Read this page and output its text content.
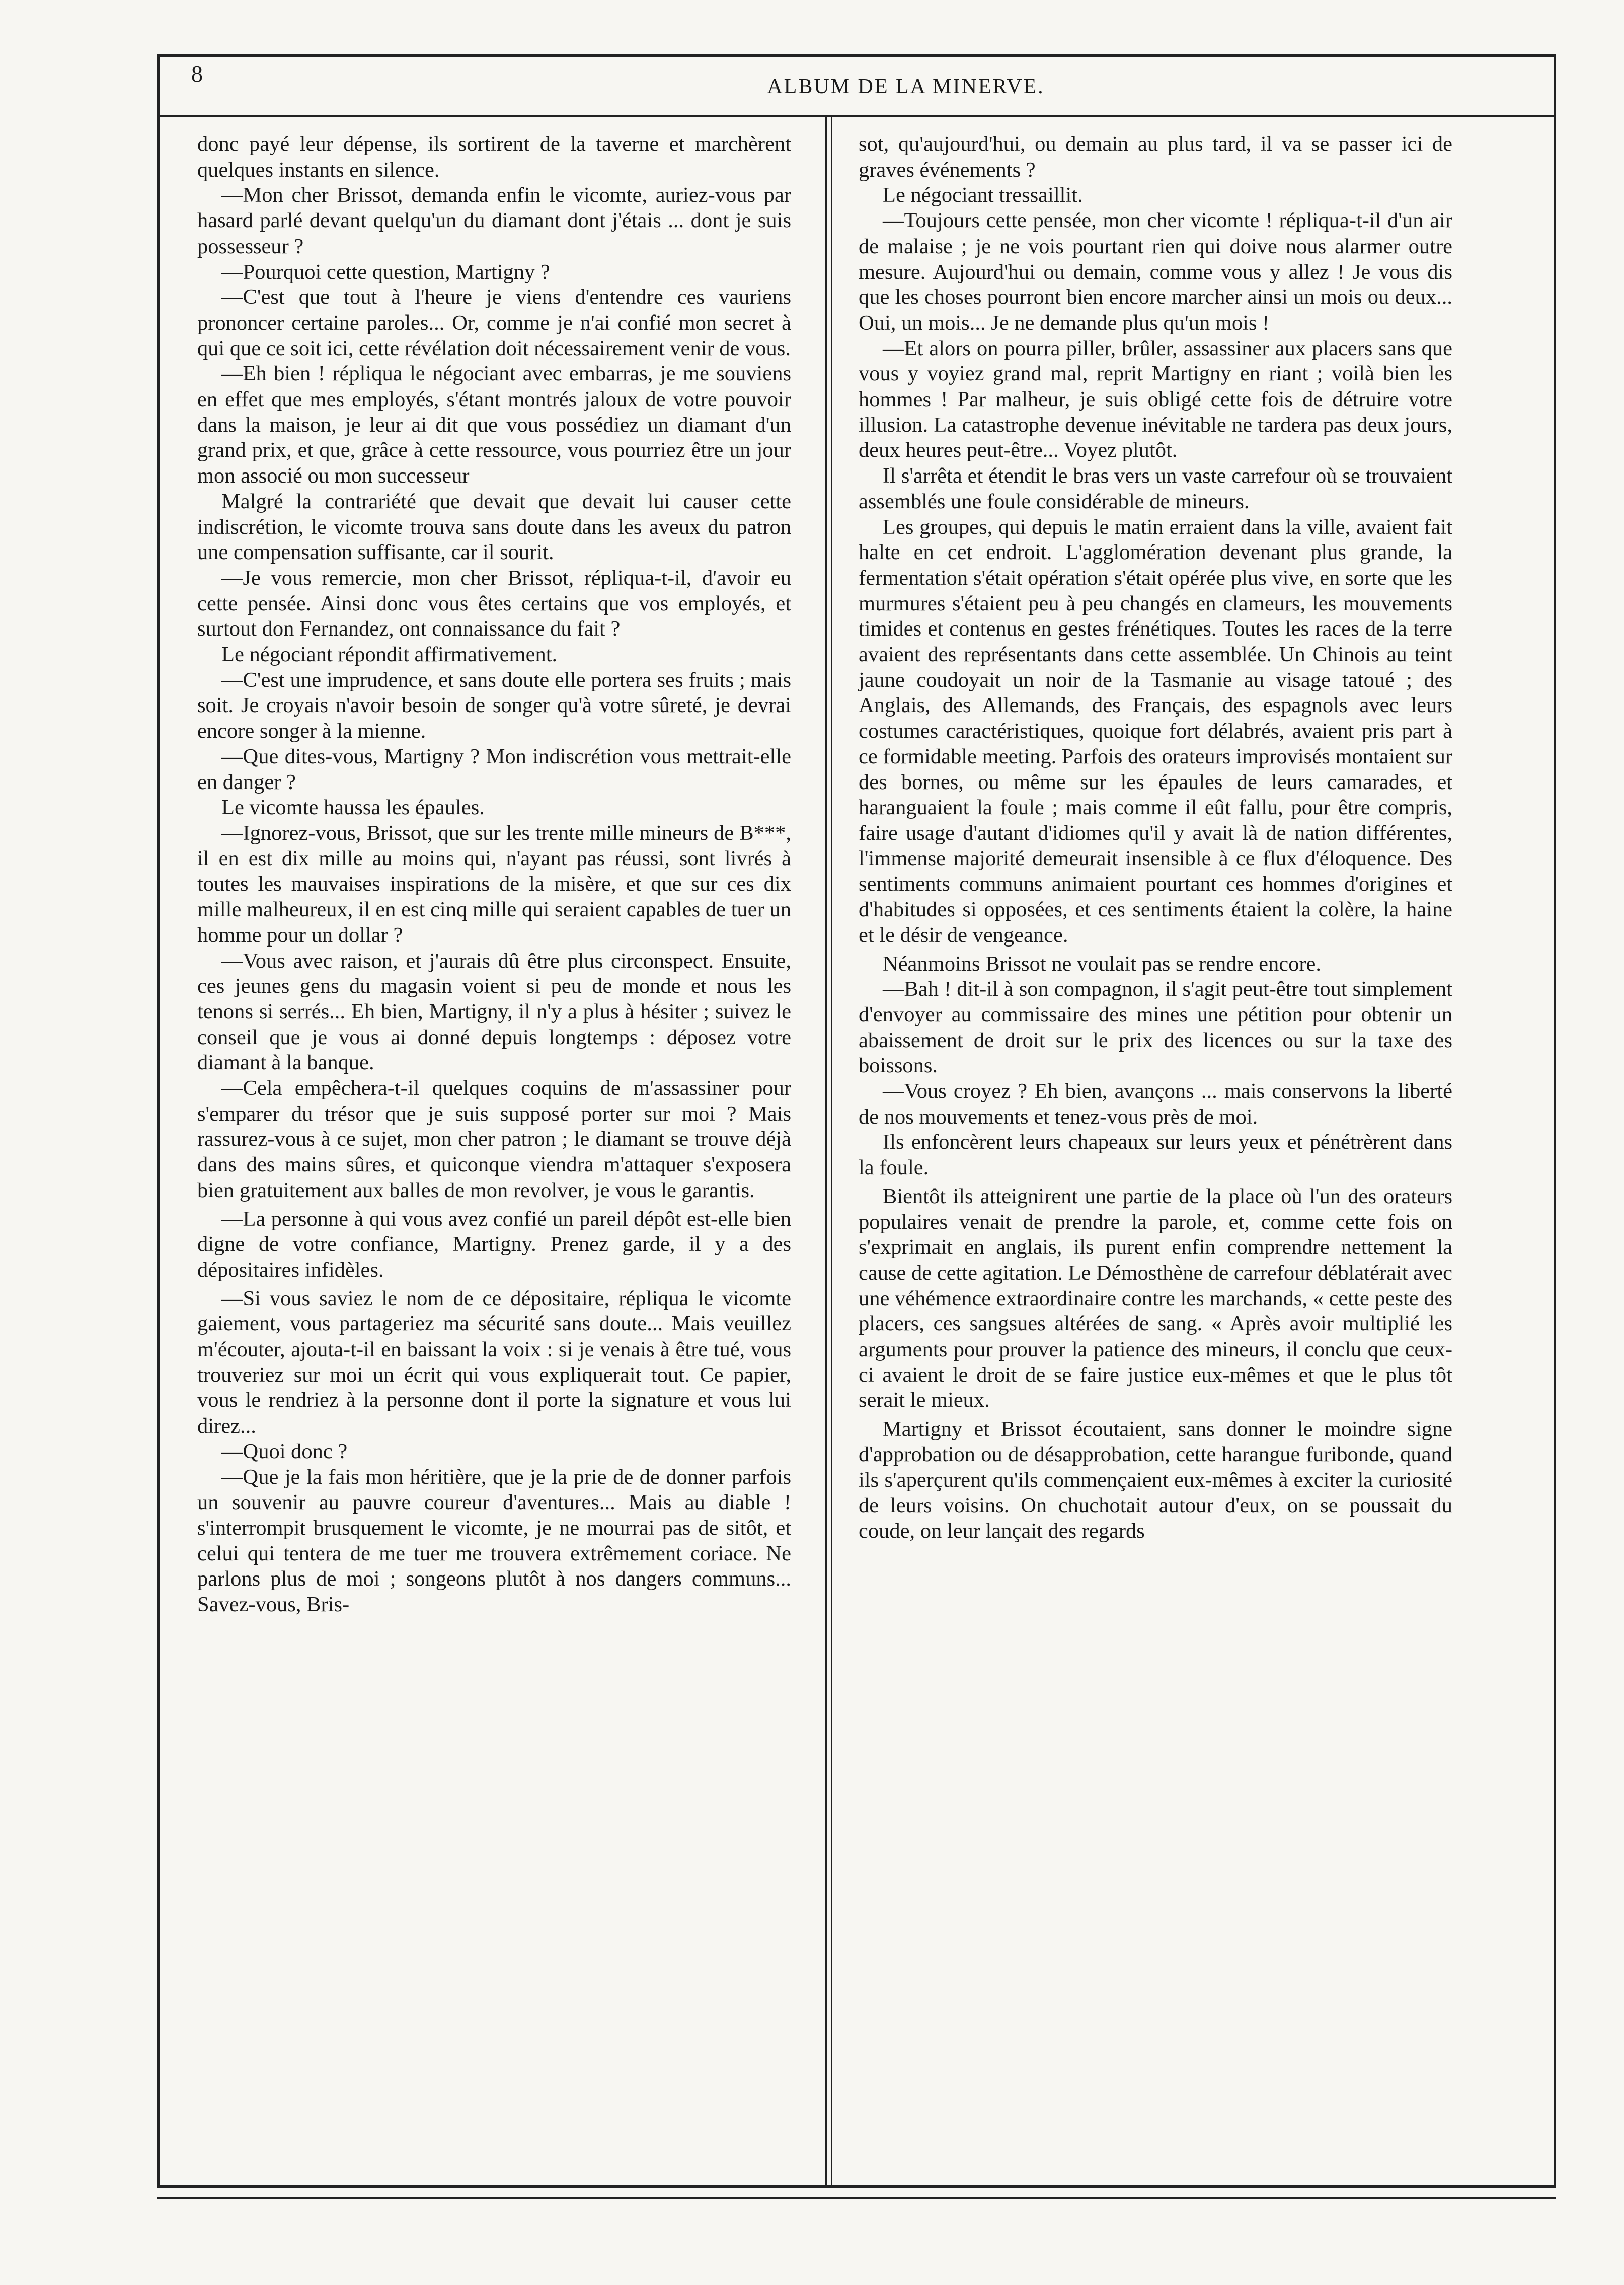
8	ALBUM DE LA MINERVE.

donc payé leur dépense, ils sortirent de la taverne et marchèrent quelques instants en silence.

—Mon cher Brissot, demanda enfin le vicomte, auriez-vous par hasard parlé devant quelqu'un du diamant dont j'étais ... dont je suis possesseur ?

—Pourquoi cette question, Martigny ?

—C'est que tout à l'heure je viens d'entendre ces vauriens prononcer certaine paroles... Or, comme je n'ai confié mon secret à qui que ce soit ici, cette révélation doit nécessairement venir de vous.

—Eh bien ! répliqua le négociant avec embarras, je me souviens en effet que mes employés, s'étant montrés jaloux de votre pouvoir dans la maison, je leur ai dit que vous possédiez un diamant d'un grand prix, et que, grâce à cette ressource, vous pourriez être un jour mon associé ou mon successeur

Malgré la contrariété que devait que devait lui causer cette indiscrétion, le vicomte trouva sans doute dans les aveux du patron une compensation suffisante, car il sourit.

—Je vous remercie, mon cher Brissot, répliqua-t-il, d'avoir eu cette pensée. Ainsi donc vous êtes certains que vos employés, et surtout don Fernandez, ont connaissance du fait ?

Le négociant répondit affirmativement.

—C'est une imprudence, et sans doute elle portera ses fruits ; mais soit. Je croyais n'avoir besoin de songer qu'à votre sûreté, je devrai encore songer à la mienne.

—Que dites-vous, Martigny ? Mon indiscrétion vous mettrait-elle en danger ?

Le vicomte haussa les épaules.

—Ignorez-vous, Brissot, que sur les trente mille mineurs de B***, il en est dix mille au moins qui, n'ayant pas réussi, sont livrés à toutes les mauvaises inspirations de la misère, et que sur ces dix mille malheureux, il en est cinq mille qui seraient capables de tuer un homme pour un dollar ?

—Vous avec raison, et j'aurais dû être plus circonspect. Ensuite, ces jeunes gens du magasin voient si peu de monde et nous les tenons si serrés... Eh bien, Martigny, il n'y a plus à hésiter ; suivez le conseil que je vous ai donné depuis longtemps : déposez votre diamant à la banque.

—Cela empêchera-t-il quelques coquins de m'assassiner pour s'emparer du trésor que je suis supposé porter sur moi ? Mais rassurez-vous à ce sujet, mon cher patron ; le diamant se trouve déjà dans des mains sûres, et quiconque viendra m'attaquer s'exposera bien gratuitement aux balles de mon revolver, je vous le garantis.

—La personne à qui vous avez confié un pareil dépôt est-elle bien digne de votre confiance, Martigny. Prenez garde, il y a des dépositaires infidèles.

—Si vous saviez le nom de ce dépositaire, répliqua le vicomte gaiement, vous partageriez ma sécurité sans doute... Mais veuillez m'écouter, ajouta-t-il en baissant la voix : si je venais à être tué, vous trouveriez sur moi un écrit qui vous expliquerait tout. Ce papier, vous le rendriez à la personne dont il porte la signature et vous lui direz...

—Quoi donc ?

—Que je la fais mon héritière, que je la prie de de donner parfois un souvenir au pauvre coureur d'aventures... Mais au diable ! s'interrompit brusquement le vicomte, je ne mourrai pas de sitôt, et celui qui tentera de me tuer me trouvera extrêmement coriace. Ne parlons plus de moi ; songeons plutôt à nos dangers communs... Savez-vous, Bris-

sot, qu'aujourd'hui, ou demain au plus tard, il va se passer ici de graves événements ?

Le négociant tressaillit.

—Toujours cette pensée, mon cher vicomte ! répliqua-t-il d'un air de malaise ; je ne vois pourtant rien qui doive nous alarmer outre mesure. Aujourd'hui ou demain, comme vous y allez ! Je vous dis que les choses pourront bien encore marcher ainsi un mois ou deux... Oui, un mois... Je ne demande plus qu'un mois !

—Et alors on pourra piller, brûler, assassiner aux placers sans que vous y voyiez grand mal, reprit Martigny en riant ; voilà bien les hommes ! Par malheur, je suis obligé cette fois de détruire votre illusion. La catastrophe devenue inévitable ne tardera pas deux jours, deux heures peut-être... Voyez plutôt.

Il s'arrêta et étendit le bras vers un vaste carrefour où se trouvaient assemblés une foule considérable de mineurs.

Les groupes, qui depuis le matin erraient dans la ville, avaient fait halte en cet endroit. L'agglomération devenant plus grande, la fermentation s'était opération s'était opérée plus vive, en sorte que les murmures s'étaient peu à peu changés en clameurs, les mouvements timides et contenus en gestes frénétiques. Toutes les races de la terre avaient des représentants dans cette assemblée. Un Chinois au teint jaune coudoyait un noir de la Tasmanie au visage tatoué ; des Anglais, des Allemands, des Français, des espagnols avec leurs costumes caractéristiques, quoique fort délabrés, avaient pris part à ce formidable meeting. Parfois des orateurs improvisés montaient sur des bornes, ou même sur les épaules de leurs camarades, et haranguaient la foule ; mais comme il eût fallu, pour être compris, faire usage d'autant d'idiomes qu'il y avait là de nation différentes, l'immense majorité demeurait insensible à ce flux d'éloquence. Des sentiments communs animaient pourtant ces hommes d'origines et d'habitudes si opposées, et ces sentiments étaient la colère, la haine et le désir de vengeance.

Néanmoins Brissot ne voulait pas se rendre encore.

—Bah ! dit-il à son compagnon, il s'agit peut-être tout simplement d'envoyer au commissaire des mines une pétition pour obtenir un abaissement de droit sur le prix des licences ou sur la taxe des boissons.

—Vous croyez ? Eh bien, avançons ... mais conservons la liberté de nos mouvements et tenez-vous près de moi.

Ils enfoncèrent leurs chapeaux sur leurs yeux et pénétrèrent dans la foule.

Bientôt ils atteignirent une partie de la place où l'un des orateurs populaires venait de prendre la parole, et, comme cette fois on s'exprimait en anglais, ils purent enfin comprendre nettement la cause de cette agitation. Le Démosthène de carrefour déblatérait avec une véhémence extraordinaire contre les marchands, « cette peste des placers, ces sangsues altérées de sang. « Après avoir multiplié les arguments pour prouver la patience des mineurs, il conclu que ceux-ci avaient le droit de se faire justice eux-mêmes et que le plus tôt serait le mieux.

Martigny et Brissot écoutaient, sans donner le moindre signe d'approbation ou de désapprobation, cette harangue furibonde, quand ils s'aperçurent qu'ils commençaient eux-mêmes à exciter la curiosité de leurs voisins. On chuchotait autour d'eux, on se poussait du coude, on leur lançait des regards
